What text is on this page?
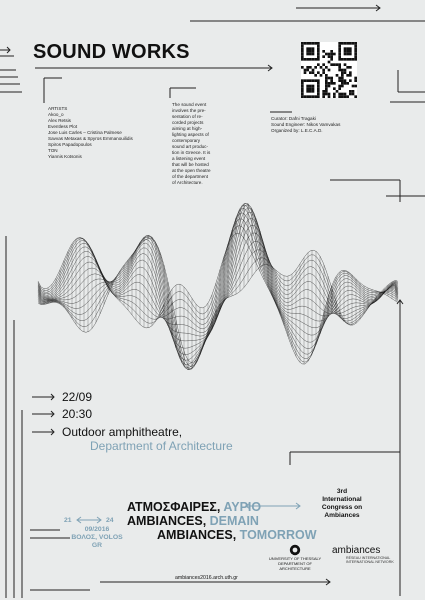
SOUND WORKS
ARTISTS
Akoo_o
Alex Retsis
Eventless Plot
Jose Luis Carles – Cristina Palmese
Savvas Metaxas & Spyros Emmanouilidis
Spiros Papadopoulos
TON
Yiannis Kotsonis
The sound event
involves the pre-
sentation of re-
corded projects
aiming at high-
lighting aspects of
contemporary
sound art produc-
tion in Greece. It is
a listening event
that will be hosted
at the open theatre
of the department
of Architecture.
Curator: Dafni Tragaki
Sound Engineer: Nikos Vamvakas
Organized by: L.E.C.A.D.
22/09
20:30
Outdoor amphitheatre,
Department of Architecture
ΑΤΜΟΣΦΑΙΡΕΣ, ΑΥΡΙΟ
AMBIANCES, DEMAIN
AMBIANCES, TOMORROW
21	24
09/2016
ΒΟΛΟΣ, VOLOS
GR
3rd
International
Congress on
Ambiances
UNIVERSITY OF THESSALY
DEPARTMENT OF ARCHITECTURE
ambiances
RÉSEAU INTERNATIONAL
INTERNATIONAL NETWORK
ambiances2016.arch.uth.gr
